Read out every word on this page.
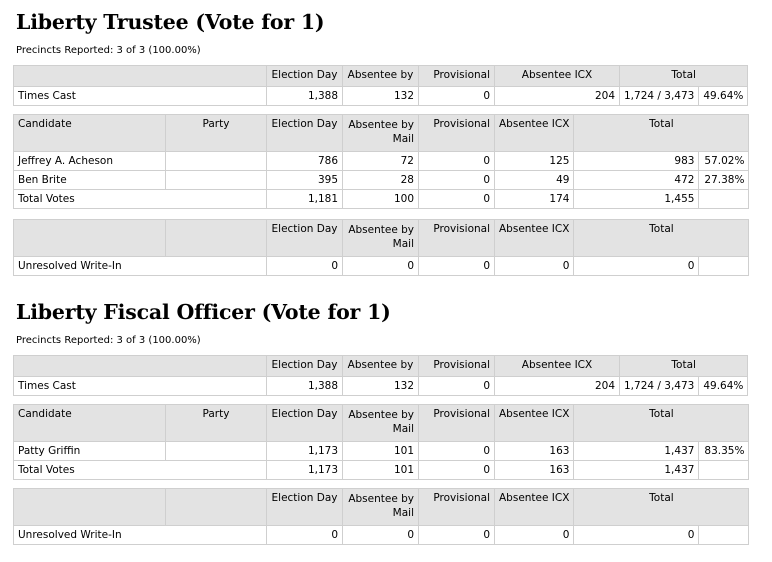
Liberty Trustee (Vote for 1)
Precincts Reported: 3 of 3 (100.00%)
	Election Day	Absentee by	Provisional	Absentee ICX	Total	
Times Cast	1,388	132	0	204	1,724 / 3,473	49.64%
Candidate	Party	Election Day	Absentee by Mail	Provisional	Absentee ICX	Total	
Jeffrey A. Acheson		786	72	0	125	983	57.02%
Ben Brite		395	28	0	49	472	27.38%
Total Votes		1,181	100	0	174	1,455	
		Election Day	Absentee by Mail	Provisional	Absentee ICX	Total	
Unresolved Write-In		0	0	0	0	0	
Liberty Fiscal Officer (Vote for 1)
Precincts Reported: 3 of 3 (100.00%)
	Election Day	Absentee by	Provisional	Absentee ICX	Total	
Times Cast	1,388	132	0	204	1,724 / 3,473	49.64%
Candidate	Party	Election Day	Absentee by Mail	Provisional	Absentee ICX	Total	
Patty Griffin		1,173	101	0	163	1,437	83.35%
Total Votes		1,173	101	0	163	1,437	
		Election Day	Absentee by Mail	Provisional	Absentee ICX	Total	
Unresolved Write-In		0	0	0	0	0	
